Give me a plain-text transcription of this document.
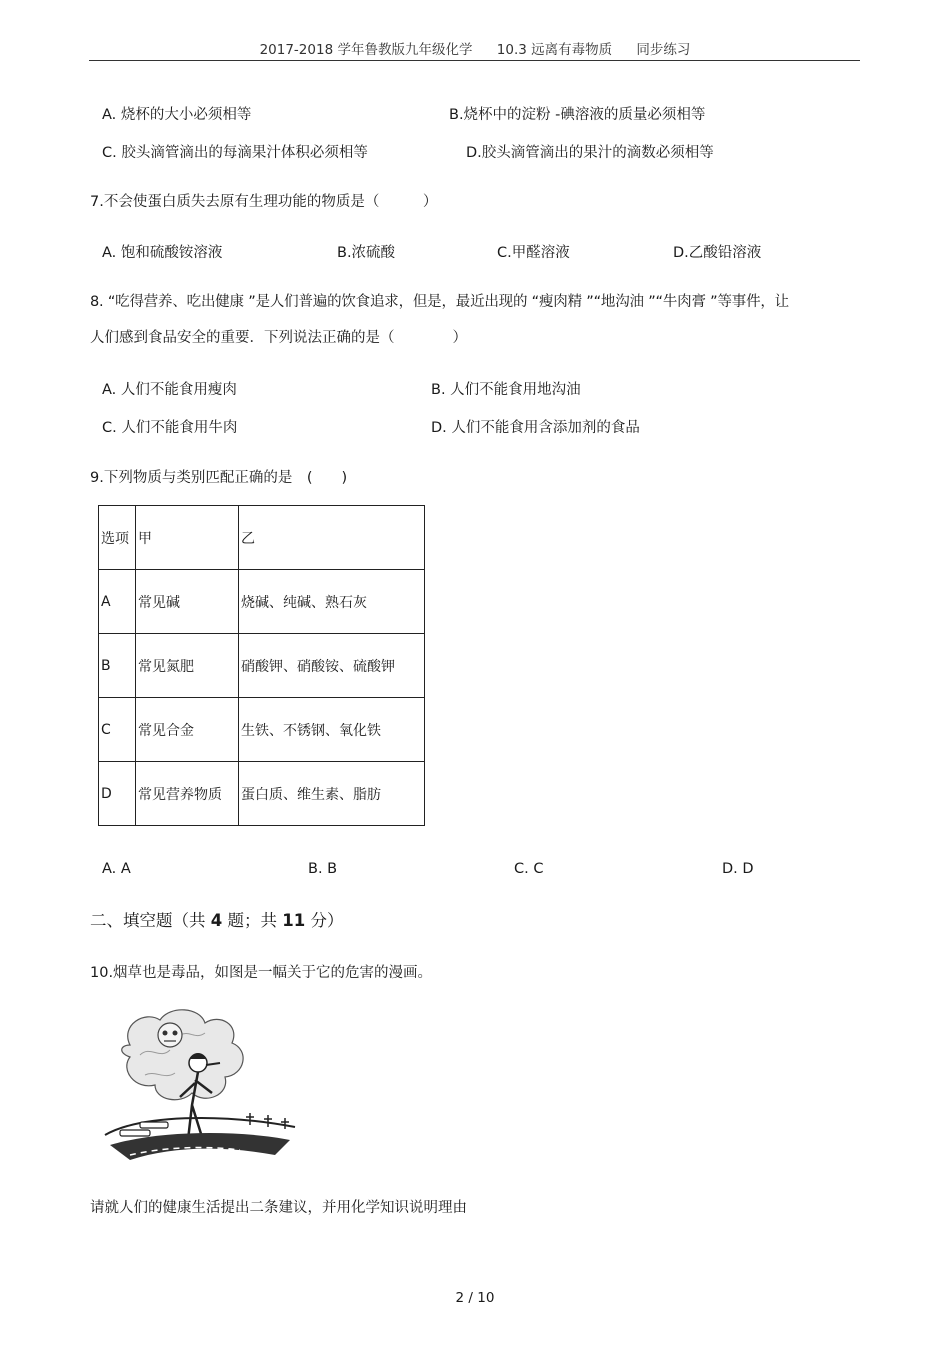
2017-2018 学年鲁教版九年级化学 10.3 远离有毒物质 同步练习
A. 烧杯的大小必须相等	B.烧杯中的淀粉 -碘溶液的质量必须相等
C. 胶头滴管滴出的每滴果汁体积必须相等	D.胶头滴管滴出的果汁的滴数必须相等
7.不会使蛋白质失去原有生理功能的物质是（　　　）
A. 饱和硫酸铵溶液	B.浓硫酸	C.甲醛溶液	D.乙酸铅溶液
8. “吃得营养、吃出健康 ”是人们普遍的饮食追求，但是，最近出现的 “瘦肉精 ”“地沟油 ”“牛肉膏 ”等事件，让
人们感到食品安全的重要．下列说法正确的是（　　　　）
A. 人们不能食用瘦肉	B. 人们不能食用地沟油
C. 人们不能食用牛肉	D. 人们不能食用含添加剂的食品
9.下列物质与类别匹配正确的是　(　　)
选项	甲	乙
A	常见碱	烧碱、纯碱、熟石灰
B	常见氮肥	硝酸钾、硝酸铵、硫酸钾
C	常见合金	生铁、不锈钢、氧化铁
D	常见营养物质	蛋白质、维生素、脂肪
A. A	B. B	C. C	D. D
二、填空题（共 4 题；共 11 分）
10.烟草也是毒品，如图是一幅关于它的危害的漫画。
请就人们的健康生活提出二条建议，并用化学知识说明理由
2 / 10
